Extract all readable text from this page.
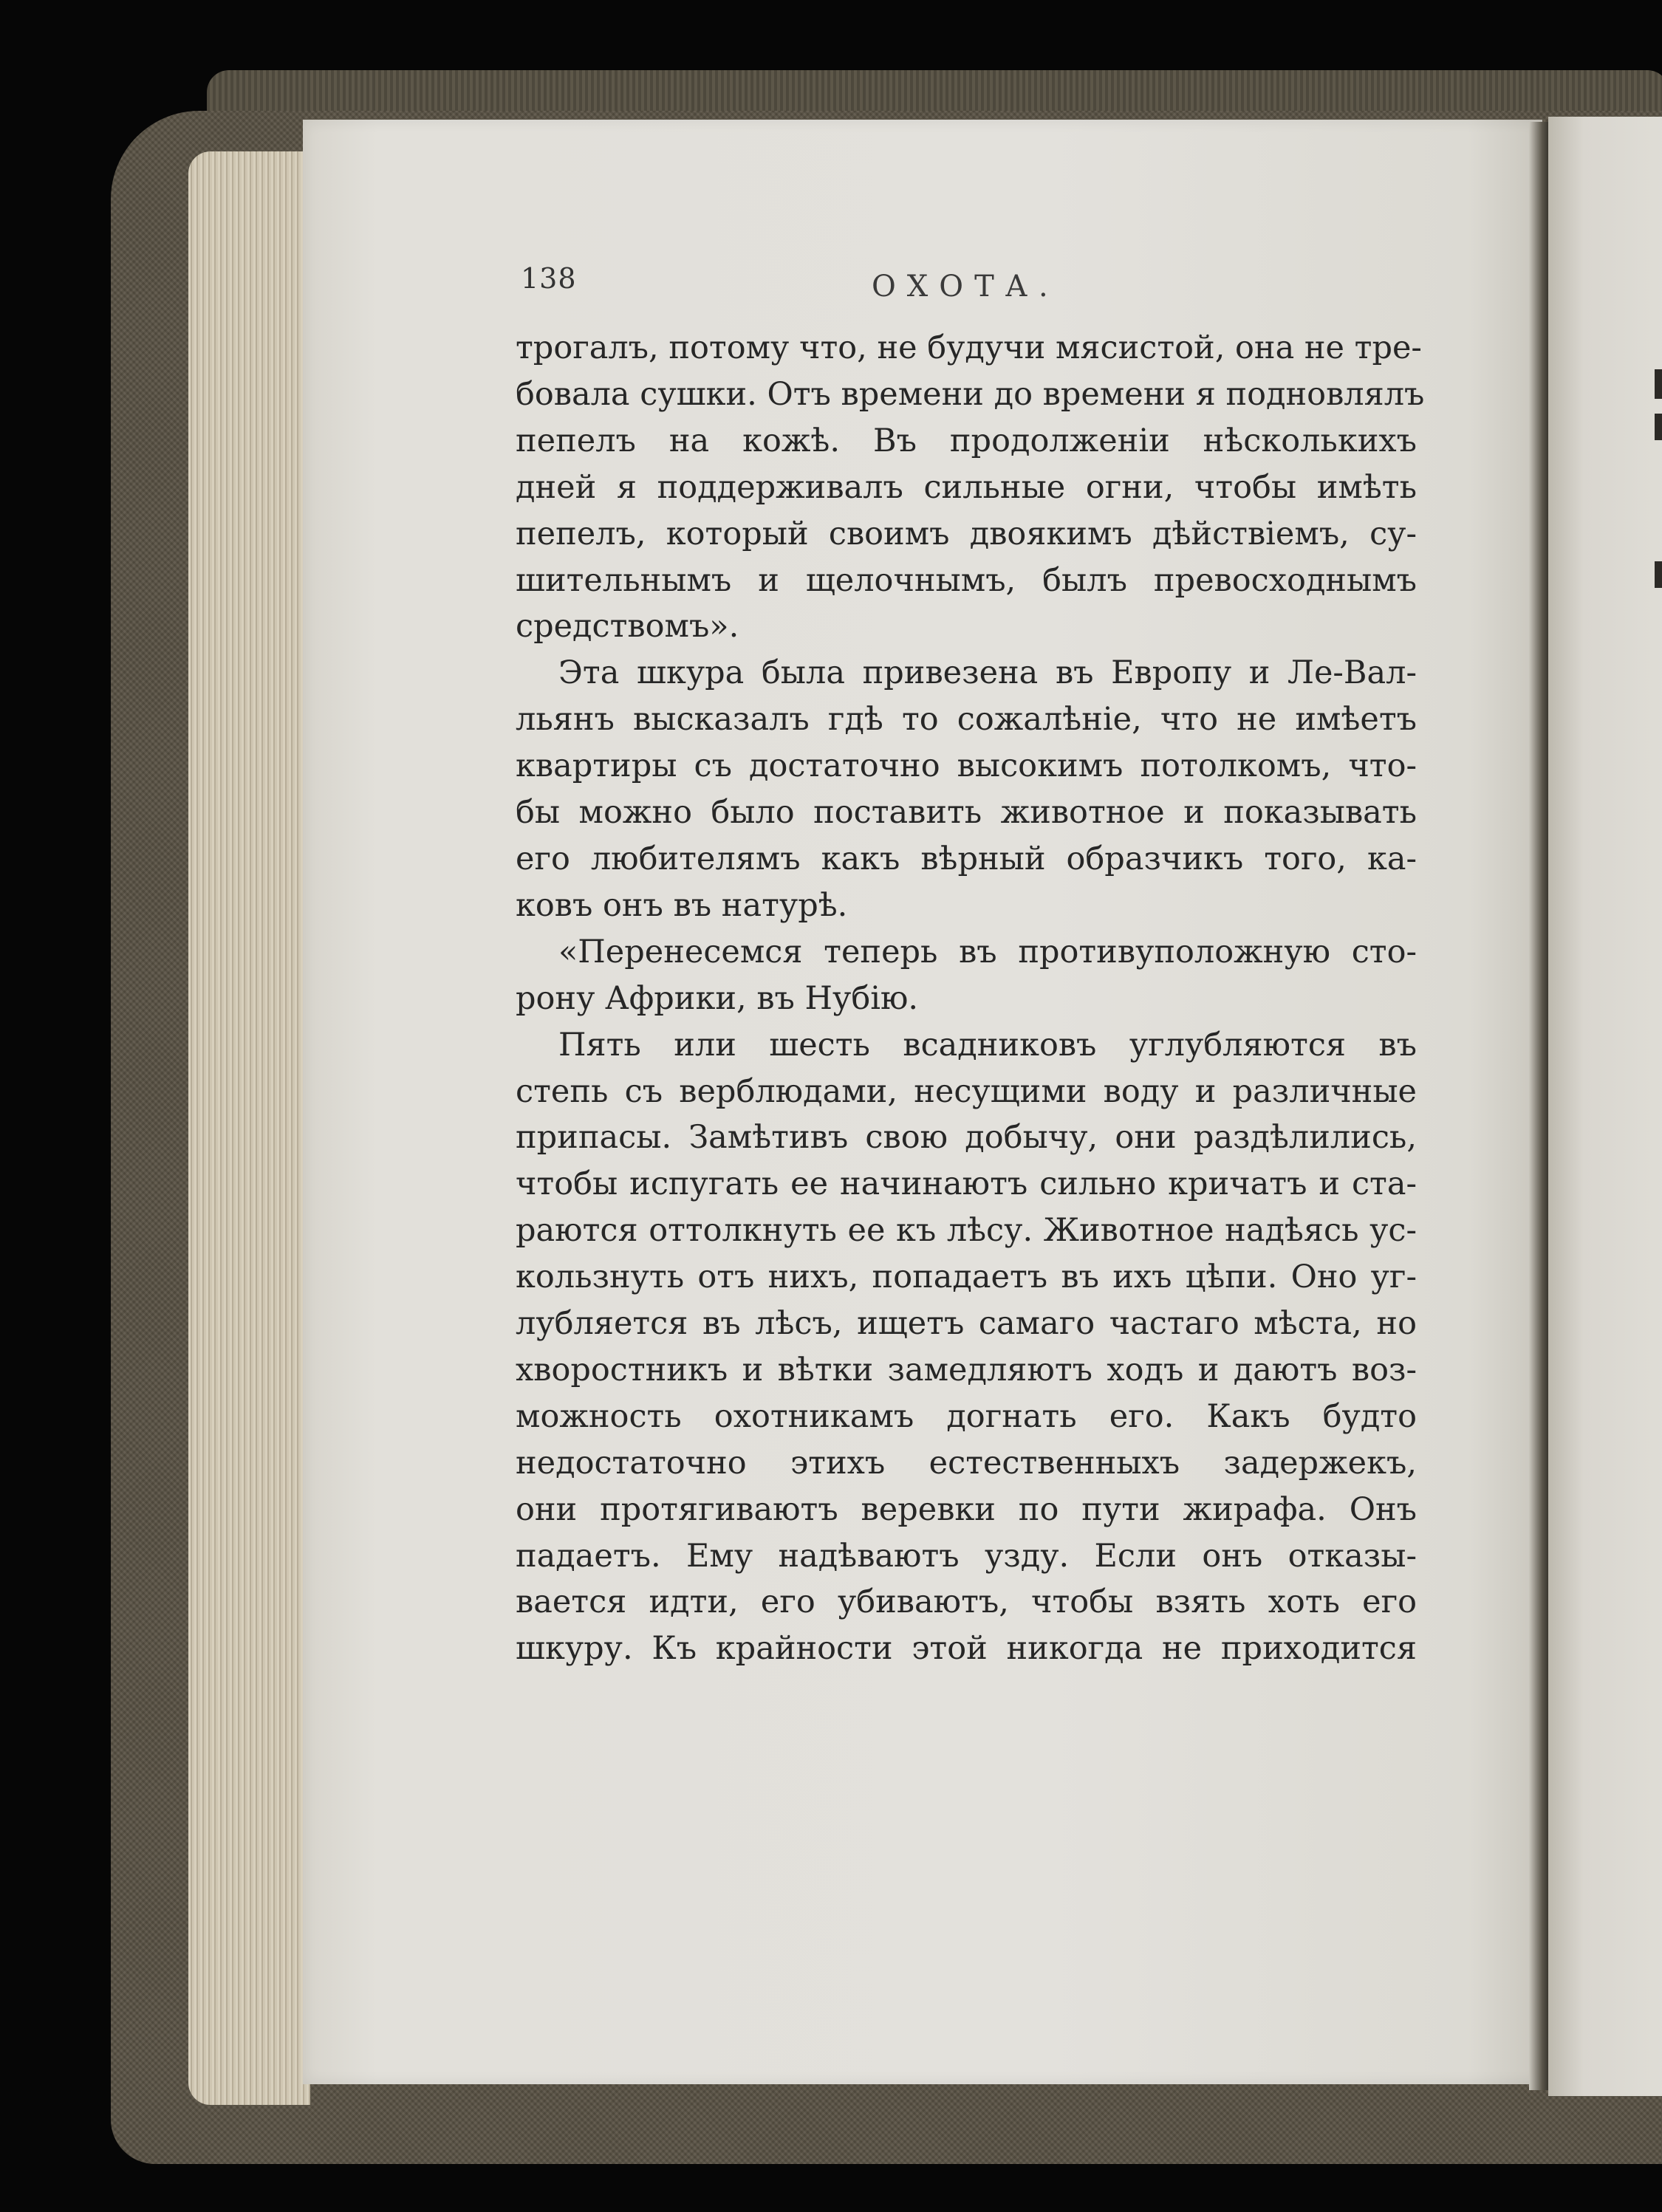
138	ОХОТА.
трогалъ, потому что, не будучи мясистой, она не тре-
бовала сушки. Отъ времени до времени я подновлялъ
пепелъ на кожѣ. Въ продолженіи нѣсколькихъ
дней я поддерживалъ сильные огни, чтобы имѣть
пепелъ, который своимъ двоякимъ дѣйствіемъ, су-
шительнымъ и щелочнымъ, былъ превосходнымъ
средствомъ».
Эта шкура была привезена въ Европу и Ле-Вал-
льянъ высказалъ гдѣ то сожалѣніе, что не имѣетъ
квартиры съ достаточно высокимъ потолкомъ, что-
бы можно было поставить животное и показывать
его любителямъ какъ вѣрный образчикъ того, ка-
ковъ онъ въ натурѣ.
«Перенесемся теперь въ противуположную сто-
рону Африки, въ Нубію.
Пять или шесть всадниковъ углубляются въ
степь съ верблюдами, несущими воду и различные
припасы. Замѣтивъ свою добычу, они раздѣлились,
чтобы испугать ее начинаютъ сильно кричатъ и ста-
раются оттолкнуть ее къ лѣсу. Животное надѣясь ус-
кользнуть отъ нихъ, попадаетъ въ ихъ цѣпи. Оно уг-
лубляется въ лѣсъ, ищетъ самаго частаго мѣста, но
хворостникъ и вѣтки замедляютъ ходъ и даютъ воз-
можность охотникамъ догнать его. Какъ будто
недостаточно этихъ естественныхъ задержекъ,
они протягиваютъ веревки по пути жирафа. Онъ
падаетъ. Ему надѣваютъ узду. Если онъ отказы-
вается идти, его убиваютъ, чтобы взять хоть его
шкуру. Къ крайности этой никогда не приходится
